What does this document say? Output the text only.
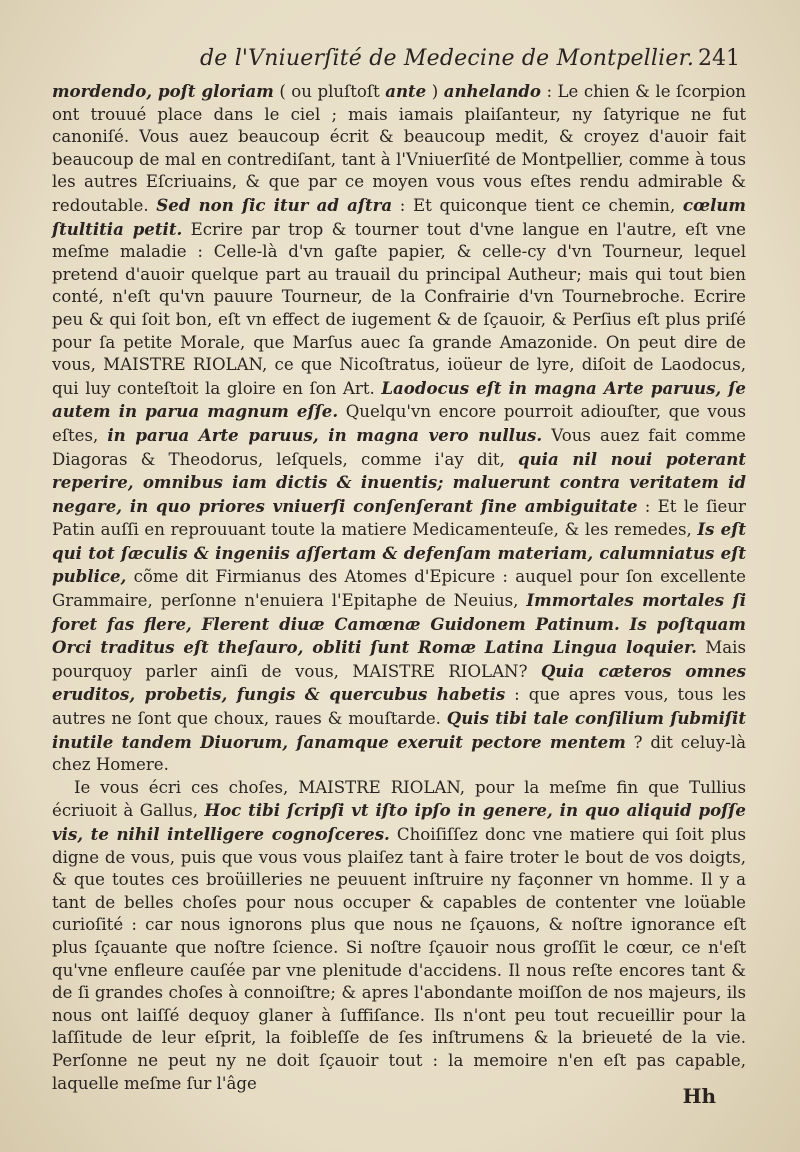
de l'Vniuerſité de Medecine de Montpellier. 241

mordendo, poſt gloriam ( ou pluſtoſt ante ) anhelando : Le chien & le ſcorpion ont trouué place dans le ciel ; mais iamais plaiſanteur, ny ſatyrique ne fut canoniſé. Vous auez beaucoup écrit & beaucoup medit, & croyez d'auoir fait beaucoup de mal en contrediſant, tant à l'Vniuerſité de Montpellier, comme à tous les autres Eſcriuains, & que par ce moyen vous vous eſtes rendu admirable & redoutable. Sed non ſic itur ad aſtra : Et quiconque tient ce chemin, cœlum ſtultitia petit. Ecrire par trop & tourner tout d'vne langue en l'autre, eſt vne meſme maladie : Celle-là d'vn gaſte papier, & celle-cy d'vn Tourneur, lequel pretend d'auoir quelque part au trauail du principal Autheur; mais qui tout bien conté, n'eſt qu'vn pauure Tourneur, de la Confrairie d'vn Tournebroche. Ecrire peu & qui ſoit bon, eſt vn effect de iugement & de ſçauoir, & Perſius eſt plus priſé pour ſa petite Morale, que Marſus auec ſa grande Amazonide. On peut dire de vous, MAISTRE RIOLAN, ce que Nicoſtratus, ioüeur de lyre, diſoit de Laodocus, qui luy conteſtoit la gloire en ſon Art. Laodocus eſt in magna Arte paruus, ſe autem in parua magnum eſſe. Quelqu'vn encore pourroit adiouſter, que vous eſtes, in parua Arte paruus, in magna vero nullus. Vous auez fait comme Diagoras & Theodorus, leſquels, comme i'ay dit, quia nil noui poterant reperire, omnibus iam dictis & inuentis; maluerunt contra veritatem id negare, in quo priores vniuerſi conſenſerant ſine ambiguitate : Et le ſieur Patin auſſi en reprouuant toute la matiere Medicamenteuſe, & les remedes, Is eſt qui tot ſæculis & ingeniis aſſertam & defenſam materiam, calumniatus eſt publice, cõme dit Firmianus des Atomes d'Epicure : auquel pour ſon excellente Grammaire, perſonne n'enuiera l'Epitaphe de Neuius, Immortales mortales ſi foret fas flere, Flerent diuæ Camœnæ Guidonem Patinum. Is poſtquam Orci traditus eſt theſauro, obliti ſunt Romæ Latina Lingua loquier. Mais pourquoy parler ainſi de vous, MAISTRE RIOLAN? Quia cæteros omnes eruditos, probetis, fungis & quercubus habetis : que apres vous, tous les autres ne ſont que choux, raues & mouſtarde. Quis tibi tale conſilium ſubmiſit inutile tandem Diuorum, ſanamque exeruit pectore mentem ? dit celuy-là chez Homere.

Ie vous écri ces choſes, MAISTRE RIOLAN, pour la meſme fin que Tullius écriuoit à Gallus, Hoc tibi ſcripſi vt iſto ipſo in genere, in quo aliquid poſſe vis, te nihil intelligere cognoſceres. Choiſiſſez donc vne matiere qui ſoit plus digne de vous, puis que vous vous plaiſez tant à faire troter le bout de vos doigts, & que toutes ces broüilleries ne peuuent inſtruire ny façonner vn homme. Il y a tant de belles choſes pour nous occuper & capables de contenter vne loüable curioſité : car nous ignorons plus que nous ne ſçauons, & noſtre ignorance eſt plus ſçauante que noſtre ſcience. Si noſtre ſçauoir nous groſſit le cœur, ce n'eſt qu'vne enfleure cauſée par vne plenitude d'accidens. Il nous reſte encores tant & de ſi grandes choſes à connoiſtre; & apres l'abondante moiſſon de nos majeurs, ils nous ont laiſſé dequoy glaner à ſuffiſance. Ils n'ont peu tout recueillir pour la laſſitude de leur eſprit, la foibleſſe de ſes inſtrumens & la brieueté de la vie. Perſonne ne peut ny ne doit ſçauoir tout : la memoire n'en eſt pas capable, laquelle meſme ſur l'âge

Hh
